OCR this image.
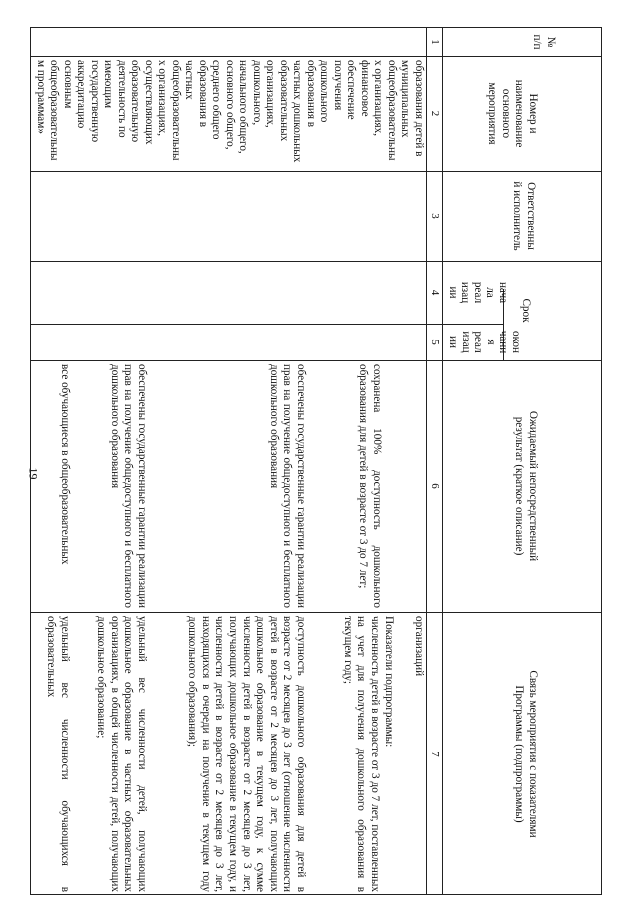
19
№
п/п
Номер и
наименование
основного
мероприятия
Ответственны
й исполнитель
Срок
нача
ла
реал
изац
ии
окон
чани
я
реал
изац
ии
Ожидаемый непосредственный
результат (краткое описание)
Связь мероприятия с показателями
Программы (подпрограммы)
1
2
3
4
5
6
7
образования детей в
муниципальных
общеобразовательны
х организациях,
финансовое
обеспечение
получения
дошкольного
образования в
частных дошкольных
образовательных
организациях,
дошкольного,
начального общего,
основного общего,
среднего общего
образования в
частных
общеобразовательны
х организациях,
осуществляющих
образовательную
деятельность по
имеющим
государственную
аккредитацию
основным
общеобразовательны
м программам»
сохранена 100% доступность дошкольного образования для детей в возрасте от 3 до 7 лет;
обеспечены государственные гарантии реализации прав на получение общедоступного и бесплатного дошкольного образования
обеспечены государственные гарантии реализации прав на получение общедоступного и бесплатного дошкольного образования
все обучающиеся в общеобразовательных
организаций
Показатели подпрограммы:
численность детей в возрасте от 3 до 7 лет, поставленных на учет для получения дошкольного образования в текущем году;
доступность дошкольного образования для детей в возрасте от 2 месяцев до 3 лет (отношение численности детей в возрасте от 2 месяцев до 3 лет, получающих дошкольное образование в текущем году, к сумме численности детей в возрасте от 2 месяцев до 3 лет, получающих дошкольное образование в текущем году, и численности детей в возрасте от 2 месяцев до 3 лет, находящихся в очереди на получение в текущем году дошкольного образования);
удельный вес численности детей, получающих дошкольное образование в частных образовательных организациях, в общей численности детей, получающих дошкольное образование;
удельный вес численности обучающихся в образовательных
